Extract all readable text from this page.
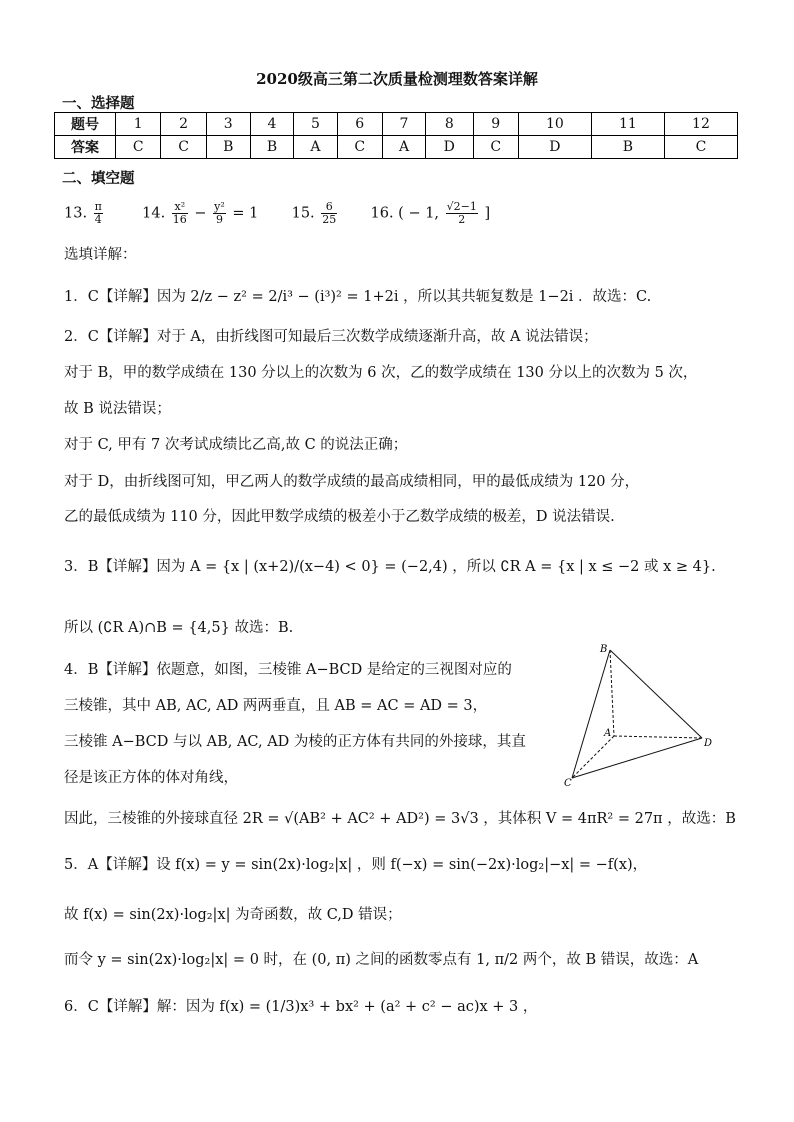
2020级高三第二次质量检测理数答案详解
一、选择题
题号	1	2	3	4	5	6	7	8	9	10	11	12
答案	C	C	B	B	A	C	A	D	C	D	B	C
二、填空题
13. $\frac{\pi}{4}$	14. $\frac{\text{x²}}{16} - \frac{\text{y²}}{9} = 1$ 15. $\frac{6}{25} 16$. ( − 1, $\frac{√2-1}{2}$ ]
选填详解：
1．C【详解】因为 2/z − z² = 2/i³ − (i³)² = 1+2i ，所以其共轭复数是 1−2i ．故选：C.
2．C【详解】对于 A，由折线图可知最后三次数学成绩逐渐升高，故 A 说法错误；
对于 B，甲的数学成绩在 130 分以上的次数为 6 次，乙的数学成绩在 130 分以上的次数为 5 次，
故 B 说法错误；
对于 C, 甲有 7 次考试成绩比乙高,故 C 的说法正确；
对于 D，由折线图可知，甲乙两人的数学成绩的最高成绩相同，甲的最低成绩为 120 分，
乙的最低成绩为 110 分，因此甲数学成绩的极差小于乙数学成绩的极差，D 说法错误.
3．B【详解】因为 A = {x | (x+2)/(x−4) < 0} = (−2,4) ，所以 ∁R A = {x | x ≤ −2 或 x ≥ 4}.
所以 (∁R A)∩B = {4,5} 故选：B.
4．B【详解】依题意，如图，三棱锥 A−BCD 是给定的三视图对应的
三棱锥，其中 AB, AC, AD 两两垂直，且 AB = AC = AD = 3，
三棱锥 A−BCD 与以 AB, AC, AD 为棱的正方体有共同的外接球，其直
径是该正方体的体对角线，
因此，三棱锥的外接球直径 2R = √(AB² + AC² + AD²) = 3√3 ，其体积 V = 4πR² = 27π ，故选：B
5．A【详解】设 f(x) = y = sin(2x)·log₂|x| ，则 f(−x) = sin(−2x)·log₂|−x| = −f(x)，
故 f(x) = sin(2x)·log₂|x| 为奇函数，故 C,D 错误；
而令 y = sin(2x)·log₂|x| = 0 时，在 (0, π) 之间的函数零点有 1, π/2 两个，故 B 错误，故选：A
6．C【详解】解：因为 f(x) = (1/3)x³ + bx² + (a² + c² − ac)x + 3 ，
B
A
C
D
